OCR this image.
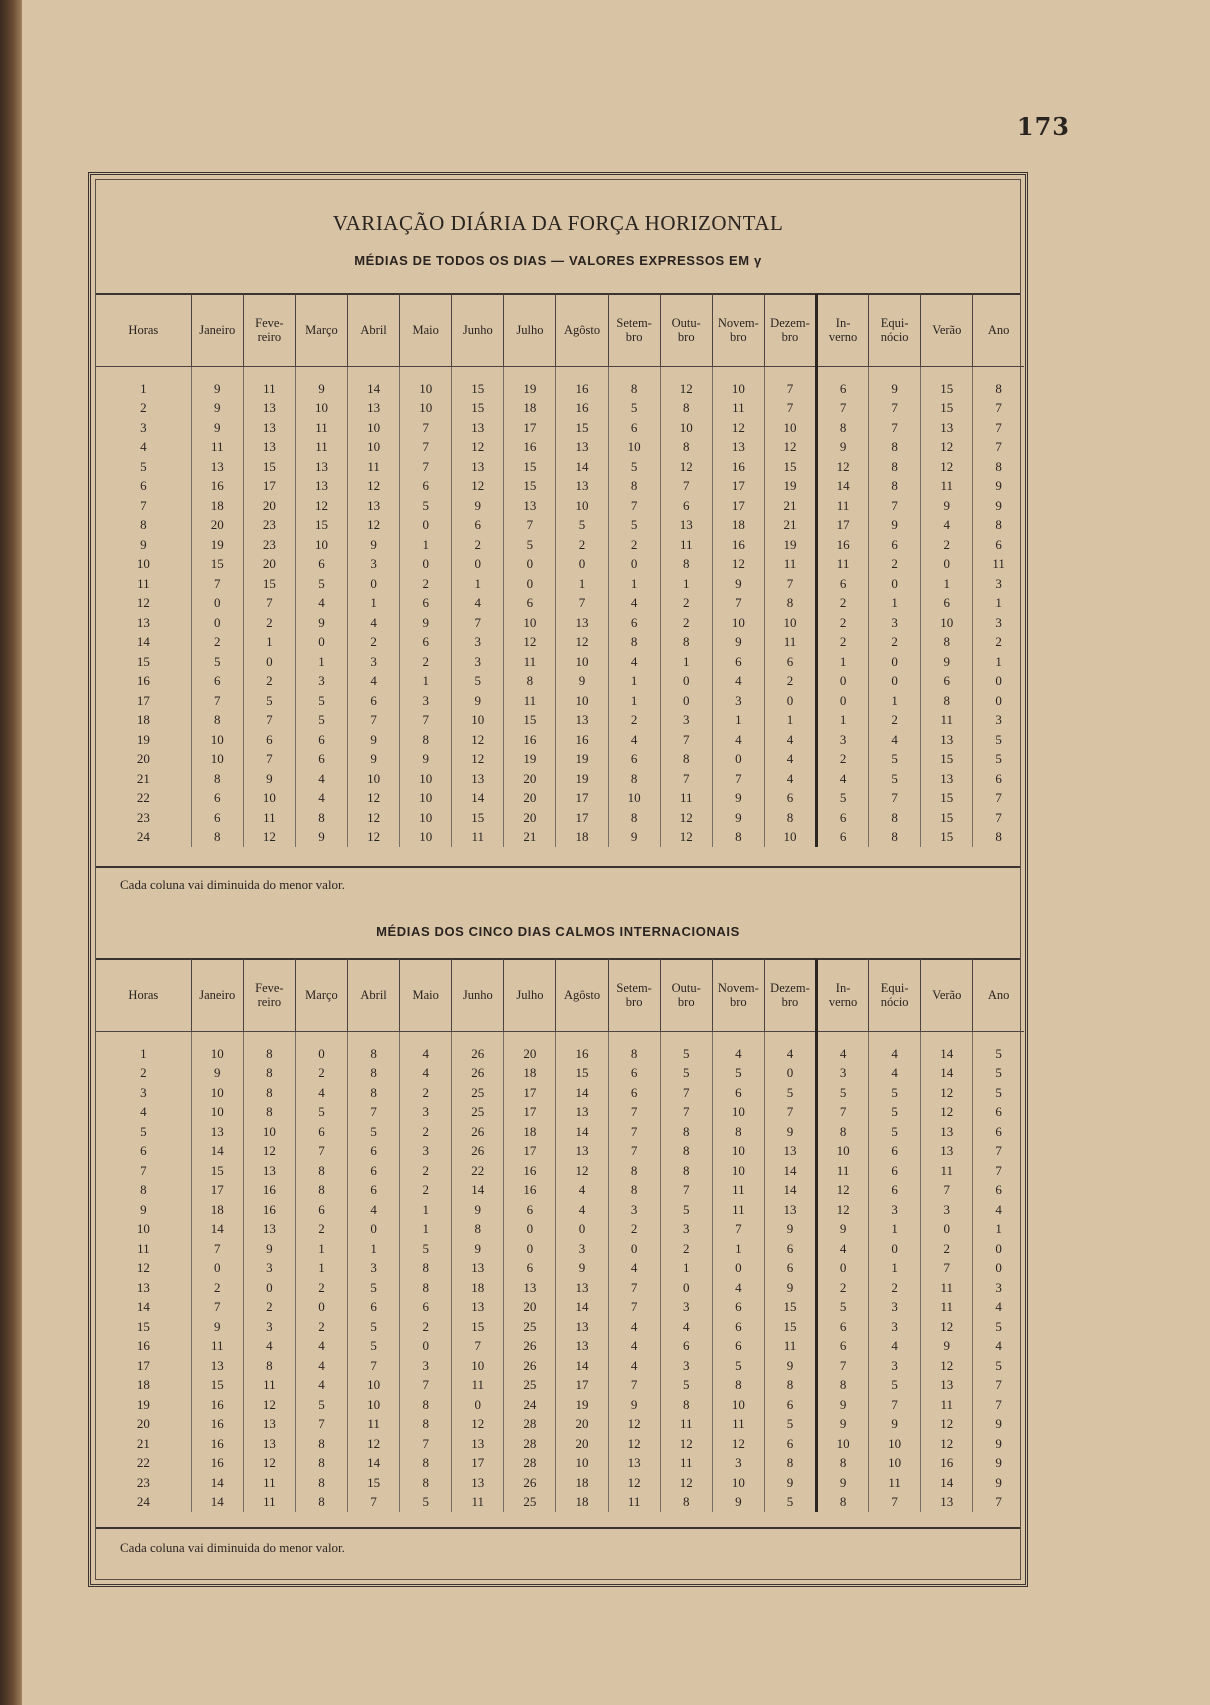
173
VARIAÇÃO DIÁRIA DA FORÇA HORIZONTAL
MÉDIAS DE TODOS OS DIAS — VALORES EXPRESSOS EM γ
Horas	Janeiro	Feve-
reiro	Março	Abril	Maio	Junho	Julho	Agôsto	Setem-
bro	Outu-
bro	Novem-
bro	Dezem-
bro	In-
verno	Equi-
nócio	Verão	Ano
1	9	11	9	14	10	15	19	16	8	12	10	7	6	9	15	8
2	9	13	10	13	10	15	18	16	5	8	11	7	7	7	15	7
3	9	13	11	10	7	13	17	15	6	10	12	10	8	7	13	7
4	11	13	11	10	7	12	16	13	10	8	13	12	9	8	12	7
5	13	15	13	11	7	13	15	14	5	12	16	15	12	8	12	8
6	16	17	13	12	6	12	15	13	8	7	17	19	14	8	11	9
7	18	20	12	13	5	9	13	10	7	6	17	21	11	7	9	9
8	20	23	15	12	0	6	7	5	5	13	18	21	17	9	4	8
9	19	23	10	9	1	2	5	2	2	11	16	19	16	6	2	6
10	15	20	6	3	0	0	0	0	0	8	12	11	11	2	0	11
11	7	15	5	0	2	1	0	1	1	1	9	7	6	0	1	3
12	0	7	4	1	6	4	6	7	4	2	7	8	2	1	6	1
13	0	2	9	4	9	7	10	13	6	2	10	10	2	3	10	3
14	2	1	0	2	6	3	12	12	8	8	9	11	2	2	8	2
15	5	0	1	3	2	3	11	10	4	1	6	6	1	0	9	1
16	6	2	3	4	1	5	8	9	1	0	4	2	0	0	6	0
17	7	5	5	6	3	9	11	10	1	0	3	0	0	1	8	0
18	8	7	5	7	7	10	15	13	2	3	1	1	1	2	11	3
19	10	6	6	9	8	12	16	16	4	7	4	4	3	4	13	5
20	10	7	6	9	9	12	19	19	6	8	0	4	2	5	15	5
21	8	9	4	10	10	13	20	19	8	7	7	4	4	5	13	6
22	6	10	4	12	10	14	20	17	10	11	9	6	5	7	15	7
23	6	11	8	12	10	15	20	17	8	12	9	8	6	8	15	7
24	8	12	9	12	10	11	21	18	9	12	8	10	6	8	15	8
Cada coluna vai diminuida do menor valor.
MÉDIAS DOS CINCO DIAS CALMOS INTERNACIONAIS
Horas	Janeiro	Feve-
reiro	Março	Abril	Maio	Junho	Julho	Agôsto	Setem-
bro	Outu-
bro	Novem-
bro	Dezem-
bro	In-
verno	Equi-
nócio	Verão	Ano
1	10	8	0	8	4	26	20	16	8	5	4	4	4	4	14	5
2	9	8	2	8	4	26	18	15	6	5	5	0	3	4	14	5
3	10	8	4	8	2	25	17	14	6	7	6	5	5	5	12	5
4	10	8	5	7	3	25	17	13	7	7	10	7	7	5	12	6
5	13	10	6	5	2	26	18	14	7	8	8	9	8	5	13	6
6	14	12	7	6	3	26	17	13	7	8	10	13	10	6	13	7
7	15	13	8	6	2	22	16	12	8	8	10	14	11	6	11	7
8	17	16	8	6	2	14	16	4	8	7	11	14	12	6	7	6
9	18	16	6	4	1	9	6	4	3	5	11	13	12	3	3	4
10	14	13	2	0	1	8	0	0	2	3	7	9	9	1	0	1
11	7	9	1	1	5	9	0	3	0	2	1	6	4	0	2	0
12	0	3	1	3	8	13	6	9	4	1	0	6	0	1	7	0
13	2	0	2	5	8	18	13	13	7	0	4	9	2	2	11	3
14	7	2	0	6	6	13	20	14	7	3	6	15	5	3	11	4
15	9	3	2	5	2	15	25	13	4	4	6	15	6	3	12	5
16	11	4	4	5	0	7	26	13	4	6	6	11	6	4	9	4
17	13	8	4	7	3	10	26	14	4	3	5	9	7	3	12	5
18	15	11	4	10	7	11	25	17	7	5	8	8	8	5	13	7
19	16	12	5	10	8	0	24	19	9	8	10	6	9	7	11	7
20	16	13	7	11	8	12	28	20	12	11	11	5	9	9	12	9
21	16	13	8	12	7	13	28	20	12	12	12	6	10	10	12	9
22	16	12	8	14	8	17	28	10	13	11	3	8	8	10	16	9
23	14	11	8	15	8	13	26	18	12	12	10	9	9	11	14	9
24	14	11	8	7	5	11	25	18	11	8	9	5	8	7	13	7
Cada coluna vai diminuida do menor valor.
